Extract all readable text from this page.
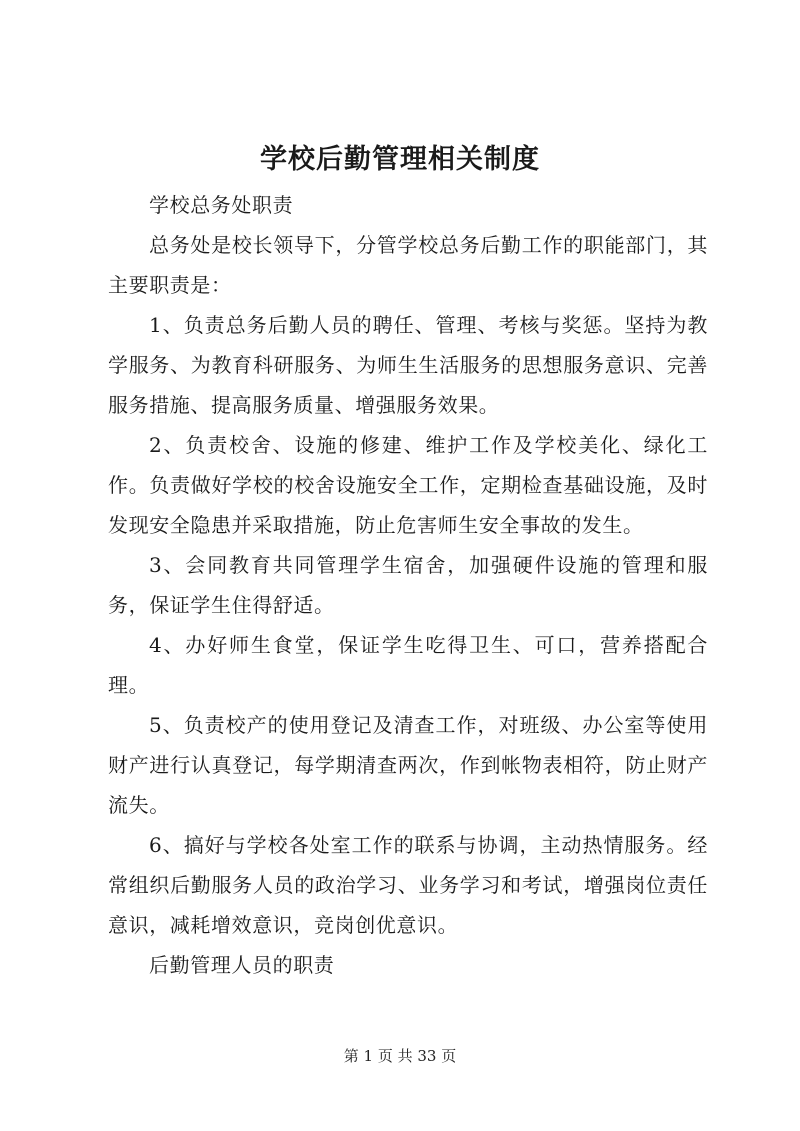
学校后勤管理相关制度

学校总务处职责

总务处是校长领导下，分管学校总务后勤工作的职能部门，其主要职责是：

1、负责总务后勤人员的聘任、管理、考核与奖惩。坚持为教学服务、为教育科研服务、为师生生活服务的思想服务意识、完善服务措施、提高服务质量、增强服务效果。

2、负责校舍、设施的修建、维护工作及学校美化、绿化工作。负责做好学校的校舍设施安全工作，定期检查基础设施，及时发现安全隐患并采取措施，防止危害师生安全事故的发生。

3、会同教育共同管理学生宿舍，加强硬件设施的管理和服务，保证学生住得舒适。

4、办好师生食堂，保证学生吃得卫生、可口，营养搭配合理。

5、负责校产的使用登记及清查工作，对班级、办公室等使用财产进行认真登记，每学期清查两次，作到帐物表相符，防止财产流失。

6、搞好与学校各处室工作的联系与协调，主动热情服务。经常组织后勤服务人员的政治学习、业务学习和考试，增强岗位责任意识，减耗增效意识，竞岗创优意识。

后勤管理人员的职责

第 1 页 共 33 页
